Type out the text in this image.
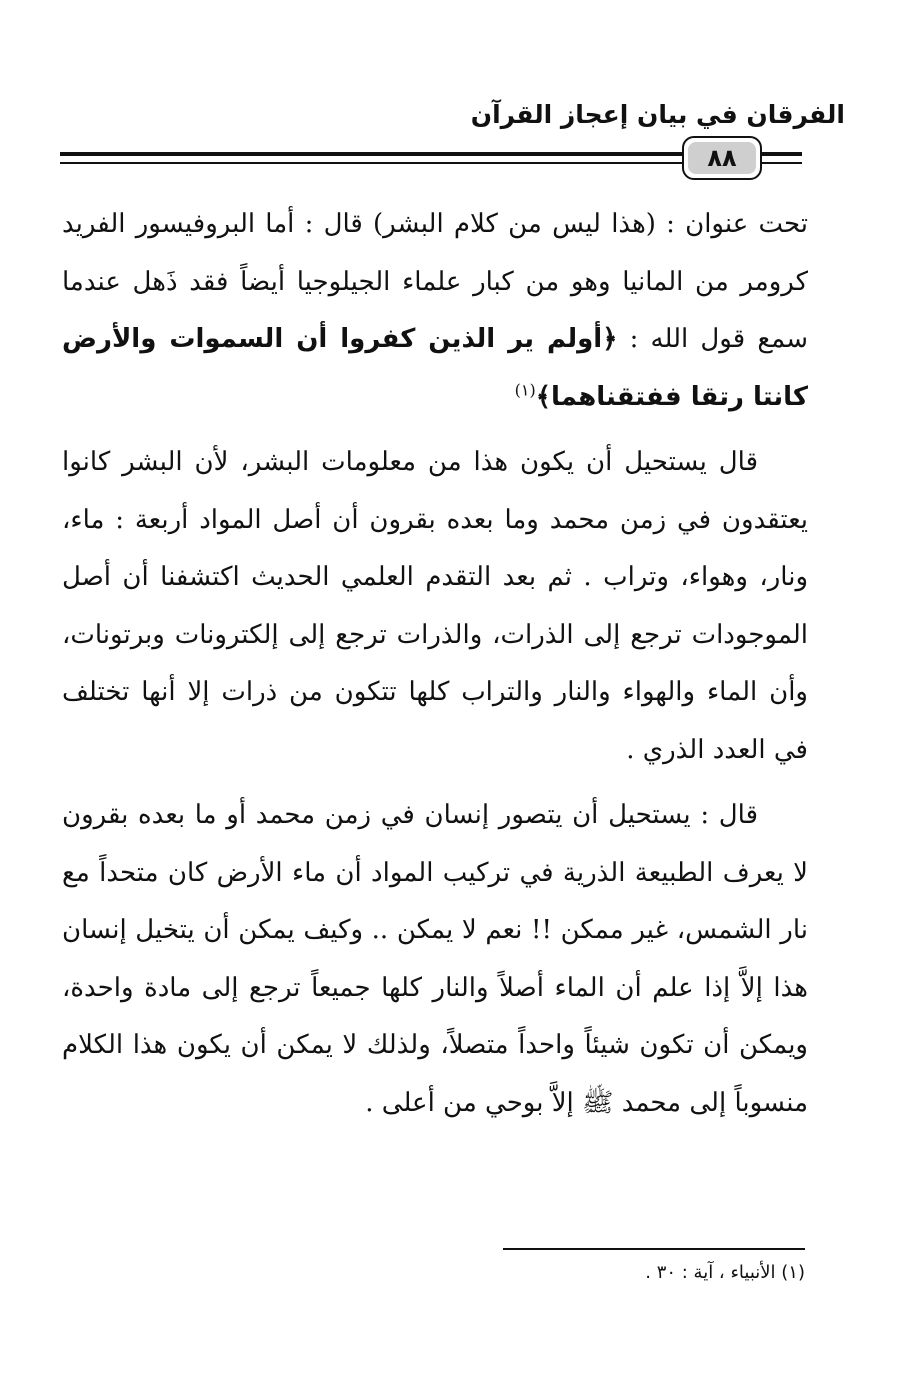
الفرقان في بيان إعجاز القرآن
٨٨

تحت عنوان : (هذا ليس من كلام البشر) قال : أما البروفيسور الفريد كرومر من المانيا وهو من كبار علماء الجيلوجيا أيضاً فقد ذَهل عندما سمع قول الله : ﴿أولم ير الذين كفروا أن السموات والأرض كانتا رتقا ففتقناهما﴾$^{(١)}$

قال يستحيل أن يكون هذا من معلومات البشر، لأن البشر كانوا يعتقدون في زمن محمد وما بعده بقرون أن أصل المواد أربعة : ماء، ونار، وهواء، وتراب . ثم بعد التقدم العلمي الحديث اكتشفنا أن أصل الموجودات ترجع إلى الذرات، والذرات ترجع إلى إلكترونات وبرتونات، وأن الماء والهواء والنار والتراب كلها تتكون من ذرات إلا أنها تختلف في العدد الذري .

قال : يستحيل أن يتصور إنسان في زمن محمد أو ما بعده بقرون لا يعرف الطبيعة الذرية في تركيب المواد أن ماء الأرض كان متحداً مع نار الشمس، غير ممكن !! نعم لا يمكن .. وكيف يمكن أن يتخيل إنسان هذا إلاَّ إذا علم أن الماء أصلاً والنار كلها جميعاً ترجع إلى مادة واحدة، ويمكن أن تكون شيئاً واحداً متصلاً، ولذلك لا يمكن أن يكون هذا الكلام منسوباً إلى محمد ﷺ إلاَّ بوحي من أعلى .

(١) الأنبياء ، آية : ٣٠ .
